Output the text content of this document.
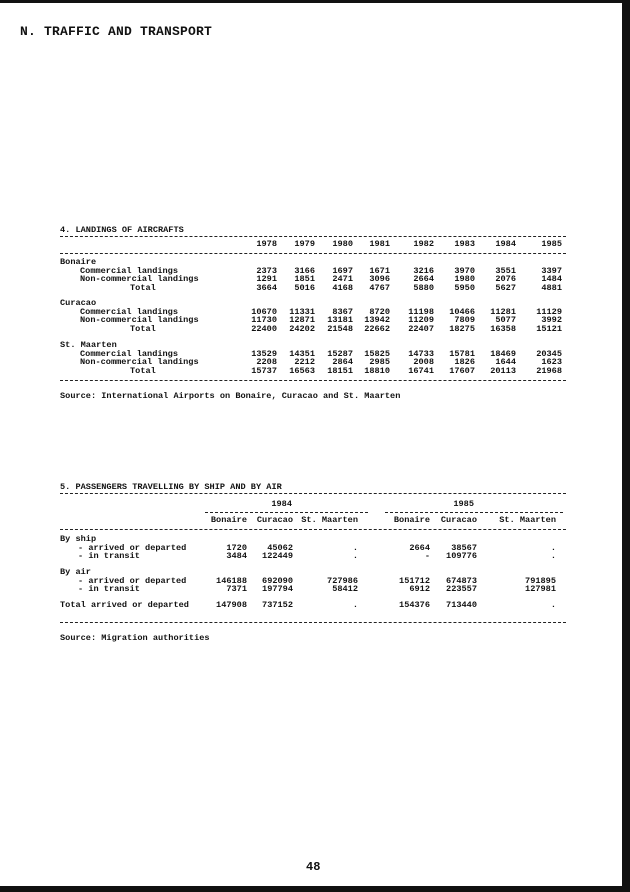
N. TRAFFIC AND TRANSPORT
4. LANDINGS OF AIRCRAFTS
1978 1979 1980 1981	1982 1983 1984	1985
Bonaire
Commercial landings	2373 3166 1697 1671	3216 3970 3551	3397
Non-commercial landings	1291 1851 2471 3096	2664 1980 2076	1484
Total	3664 5016 4168 4767	5880 5950 5627	4881
Curacao
Commercial landings	10670 11331 8367 8720 11198 10466 11281 11129
Non-commercial landings	11730 12871 13181 13942 11209 7809 5077	3992
Total	22400 24202 21548 22662 22407 18275 16358 15121
St. Maarten
Commercial landings	13529 14351 15287 15825 14733 15781 18469 20345
Non-commercial landings	2208 2212 2864 2985	2008 1826 1644	1623
Total	15737 16563 18151 18810 16741 17607 20113 21968
Source: International Airports on Bonaire, Curacao and St. Maarten
5. PASSENGERS TRAVELLING BY SHIP AND BY AIR
1984	1985
Bonaire Curacao St. Maarten	Bonaire Curacao	St. Maarten
By ship
- arrived or departed	1720 45062	.	2664 38567	.
- in transit	3484 122449	.	- 109776	.
By air
- arrived or departed	146188 692090	727986	151712 674873	791895
- in transit	7371 197794	58412	6912 223557	127981
Total arrived or departed	147908 737152	.	154376 713440	.
Source: Migration authorities
48
